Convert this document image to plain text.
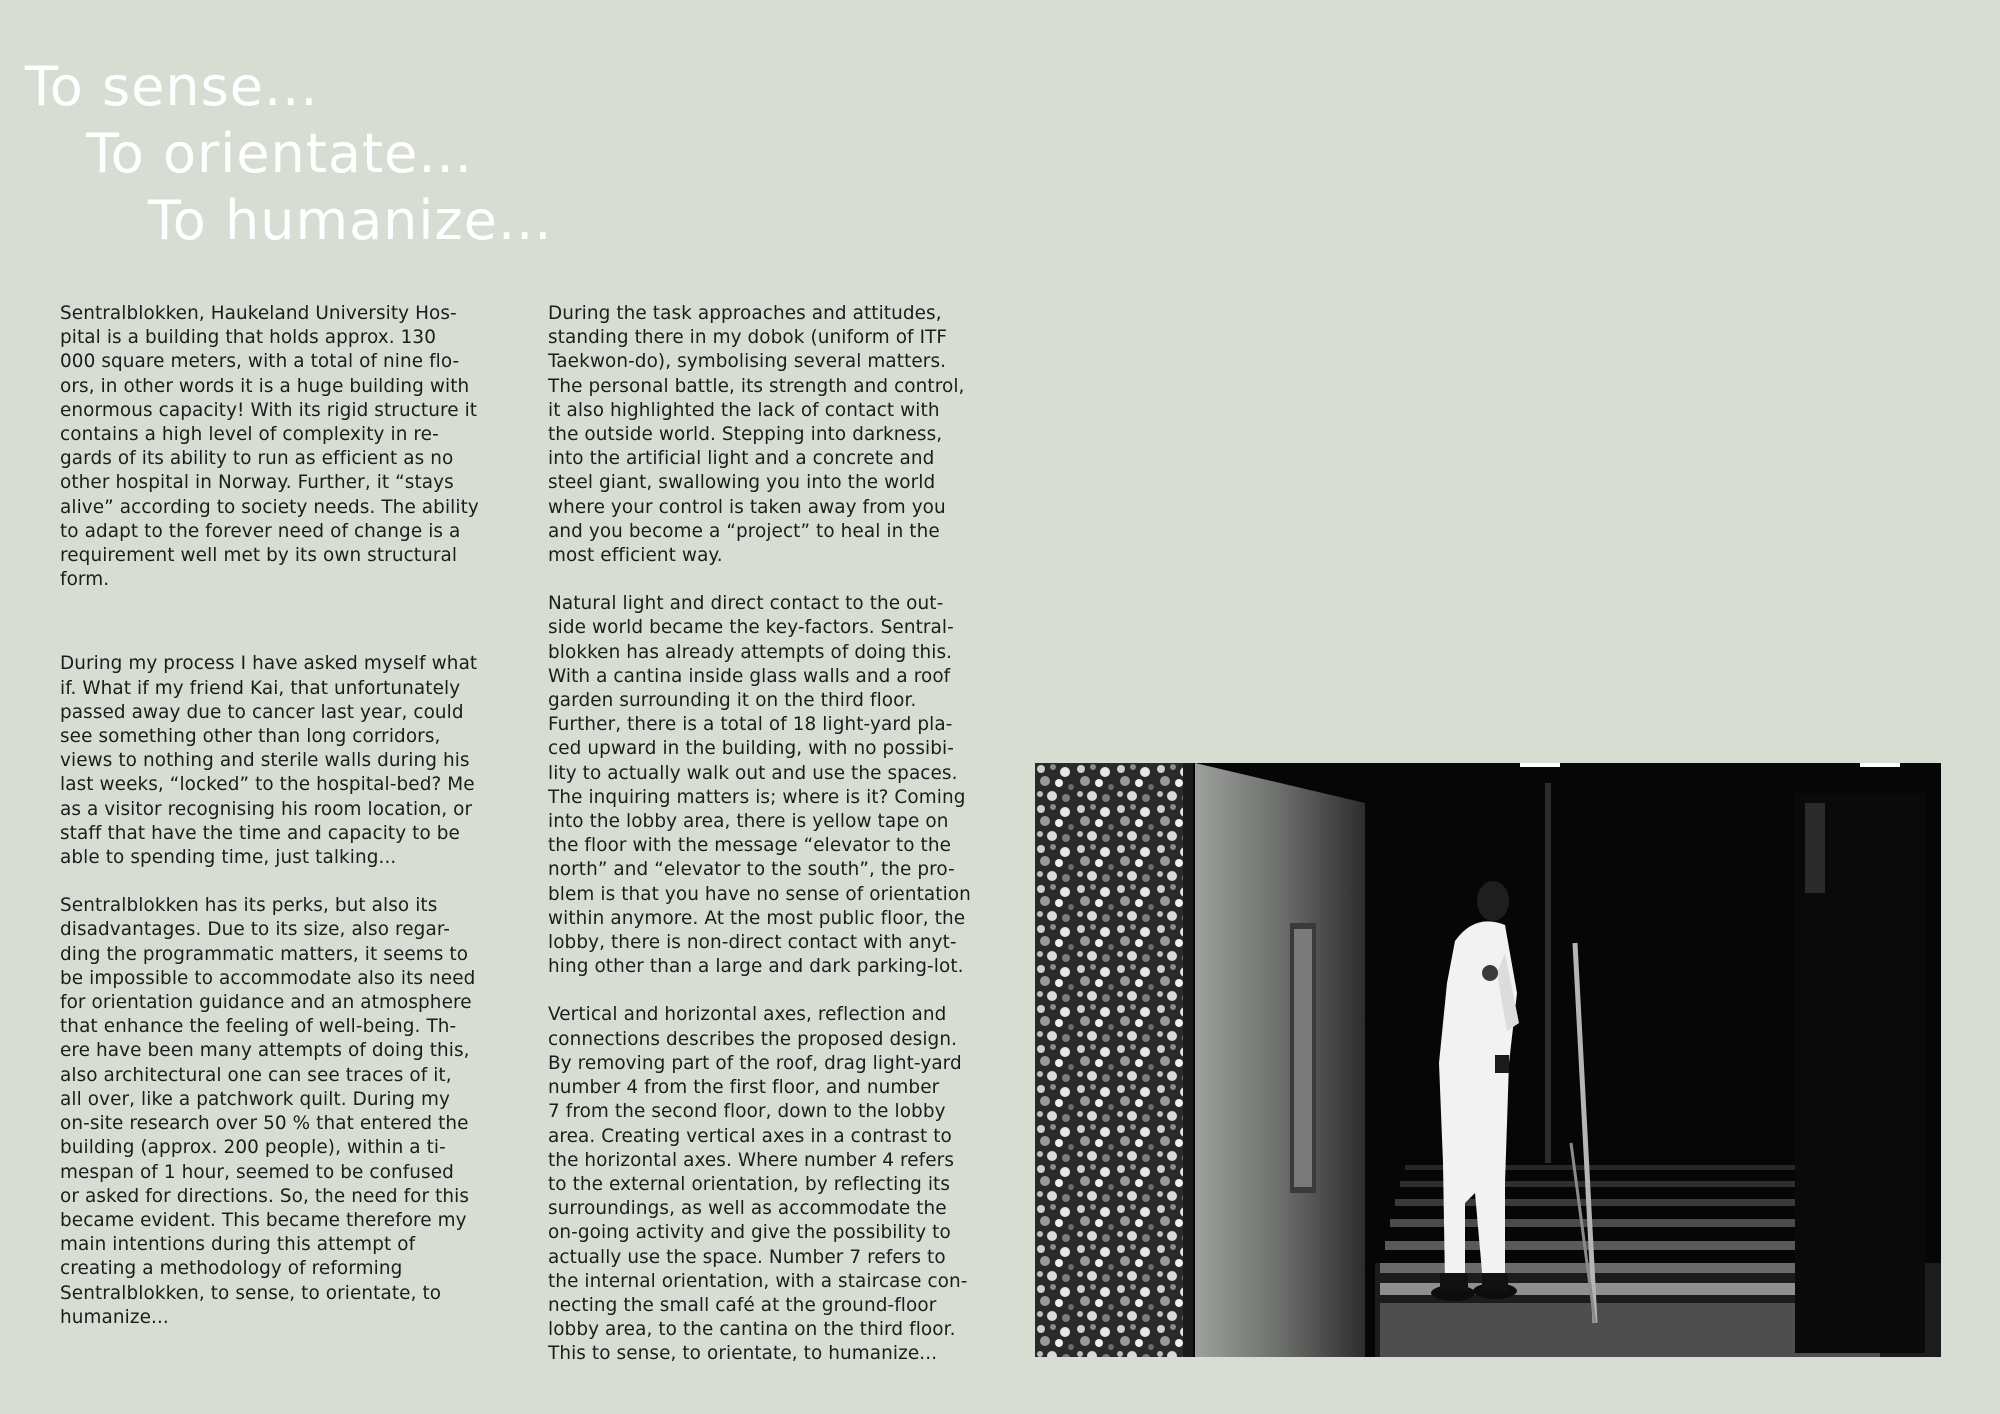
To sense...
To orientate...
To humanize...

Sentralblokken, Haukeland University Hos-
pital is a building that holds approx. 130
000 square meters, with a total of nine flo-
ors, in other words it is a huge building with
enormous capacity! With its rigid structure it
contains a high level of complexity in re-
gards of its ability to run as efficient as no
other hospital in Norway. Further, it “stays
alive” according to society needs. The ability
to adapt to the forever need of change is a
requirement well met by its own structural
form.

During my process I have asked myself what
if. What if my friend Kai, that unfortunately
passed away due to cancer last year, could
see something other than long corridors,
views to nothing and sterile walls during his
last weeks, “locked” to the hospital-bed? Me
as a visitor recognising his room location, or
staff that have the time and capacity to be
able to spending time, just talking...

Sentralblokken has its perks, but also its
disadvantages. Due to its size, also regar-
ding the programmatic matters, it seems to
be impossible to accommodate also its need
for orientation guidance and an atmosphere
that enhance the feeling of well-being. Th-
ere have been many attempts of doing this,
also architectural one can see traces of it,
all over, like a patchwork quilt. During my
on-site research over 50 % that entered the
building (approx. 200 people), within a ti-
mespan of 1 hour, seemed to be confused
or asked for directions. So, the need for this
became evident. This became therefore my
main intentions during this attempt of
creating a methodology of reforming
Sentralblokken, to sense, to orientate, to
humanize...

During the task approaches and attitudes,
standing there in my dobok (uniform of ITF
Taekwon-do), symbolising several matters.
The personal battle, its strength and control,
it also highlighted the lack of contact with
the outside world. Stepping into darkness,
into the artificial light and a concrete and
steel giant, swallowing you into the world
where your control is taken away from you
and you become a “project” to heal in the
most efficient way.

Natural light and direct contact to the out-
side world became the key-factors. Sentral-
blokken has already attempts of doing this.
With a cantina inside glass walls and a roof
garden surrounding it on the third floor.
Further, there is a total of 18 light-yard pla-
ced upward in the building, with no possibi-
lity to actually walk out and use the spaces.
The inquiring matters is; where is it? Coming
into the lobby area, there is yellow tape on
the floor with the message “elevator to the
north” and “elevator to the south”, the pro-
blem is that you have no sense of orientation
within anymore. At the most public floor, the
lobby, there is non-direct contact with anyt-
hing other than a large and dark parking-lot.

Vertical and horizontal axes, reflection and
connections describes the proposed design.
By removing part of the roof, drag light-yard
number 4 from the first floor, and number
7 from the second floor, down to the lobby
area. Creating vertical axes in a contrast to
the horizontal axes. Where number 4 refers
to the external orientation, by reflecting its
surroundings, as well as accommodate the
on-going activity and give the possibility to
actually use the space. Number 7 refers to
the internal orientation, with a staircase con-
necting the small café at the ground-floor
lobby area, to the cantina on the third floor.
This to sense, to orientate, to humanize...
